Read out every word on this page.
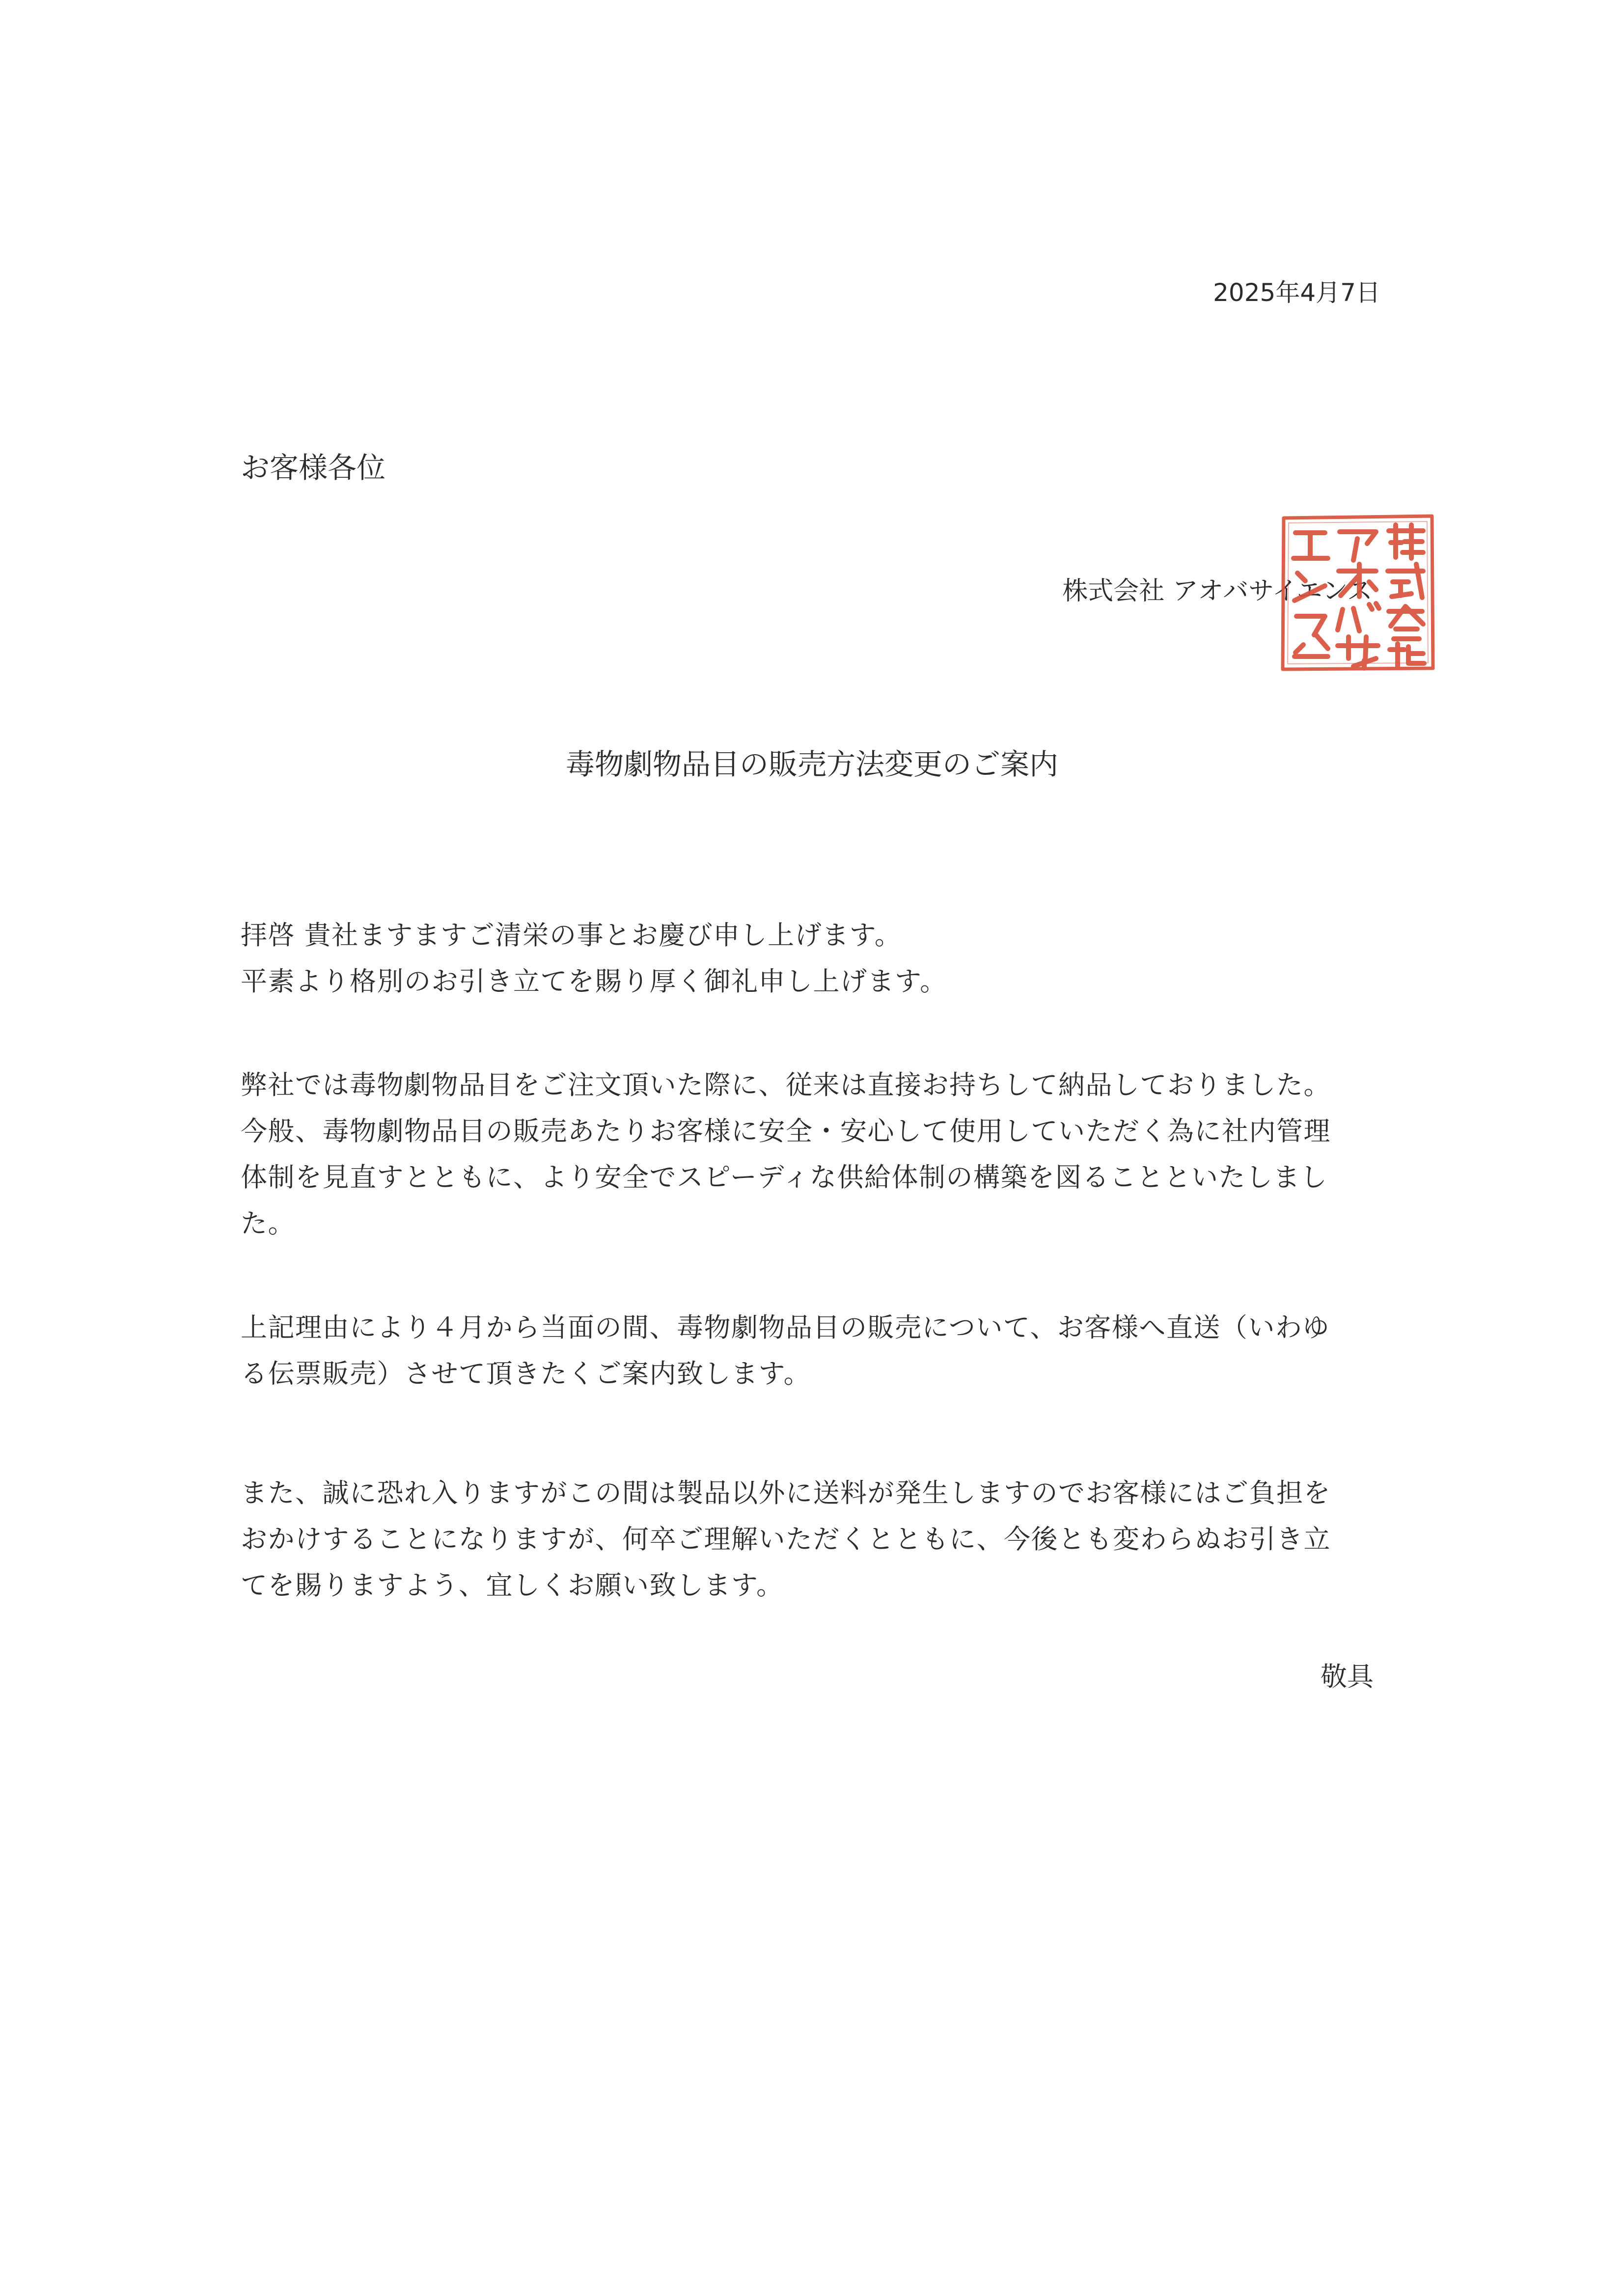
2025年4月7日
お客様各位
株式会社 アオバサイエンス
毒物劇物品目の販売方法変更のご案内
拝啓 貴社ますますご清栄の事とお慶び申し上げます。
平素より格別のお引き立てを賜り厚く御礼申し上げます。
弊社では毒物劇物品目をご注文頂いた際に、従来は直接お持ちして納品しておりました。
今般、毒物劇物品目の販売あたりお客様に安全・安心して使用していただく為に社内管理
体制を見直すとともに、より安全でスピーディな供給体制の構築を図ることといたしまし
た。
上記理由により４月から当面の間、毒物劇物品目の販売について、お客様へ直送（いわゆ
る伝票販売）させて頂きたくご案内致します。
また、誠に恐れ入りますがこの間は製品以外に送料が発生しますのでお客様にはご負担を
おかけすることになりますが、何卒ご理解いただくとともに、今後とも変わらぬお引き立
てを賜りますよう、宜しくお願い致します。
敬具
